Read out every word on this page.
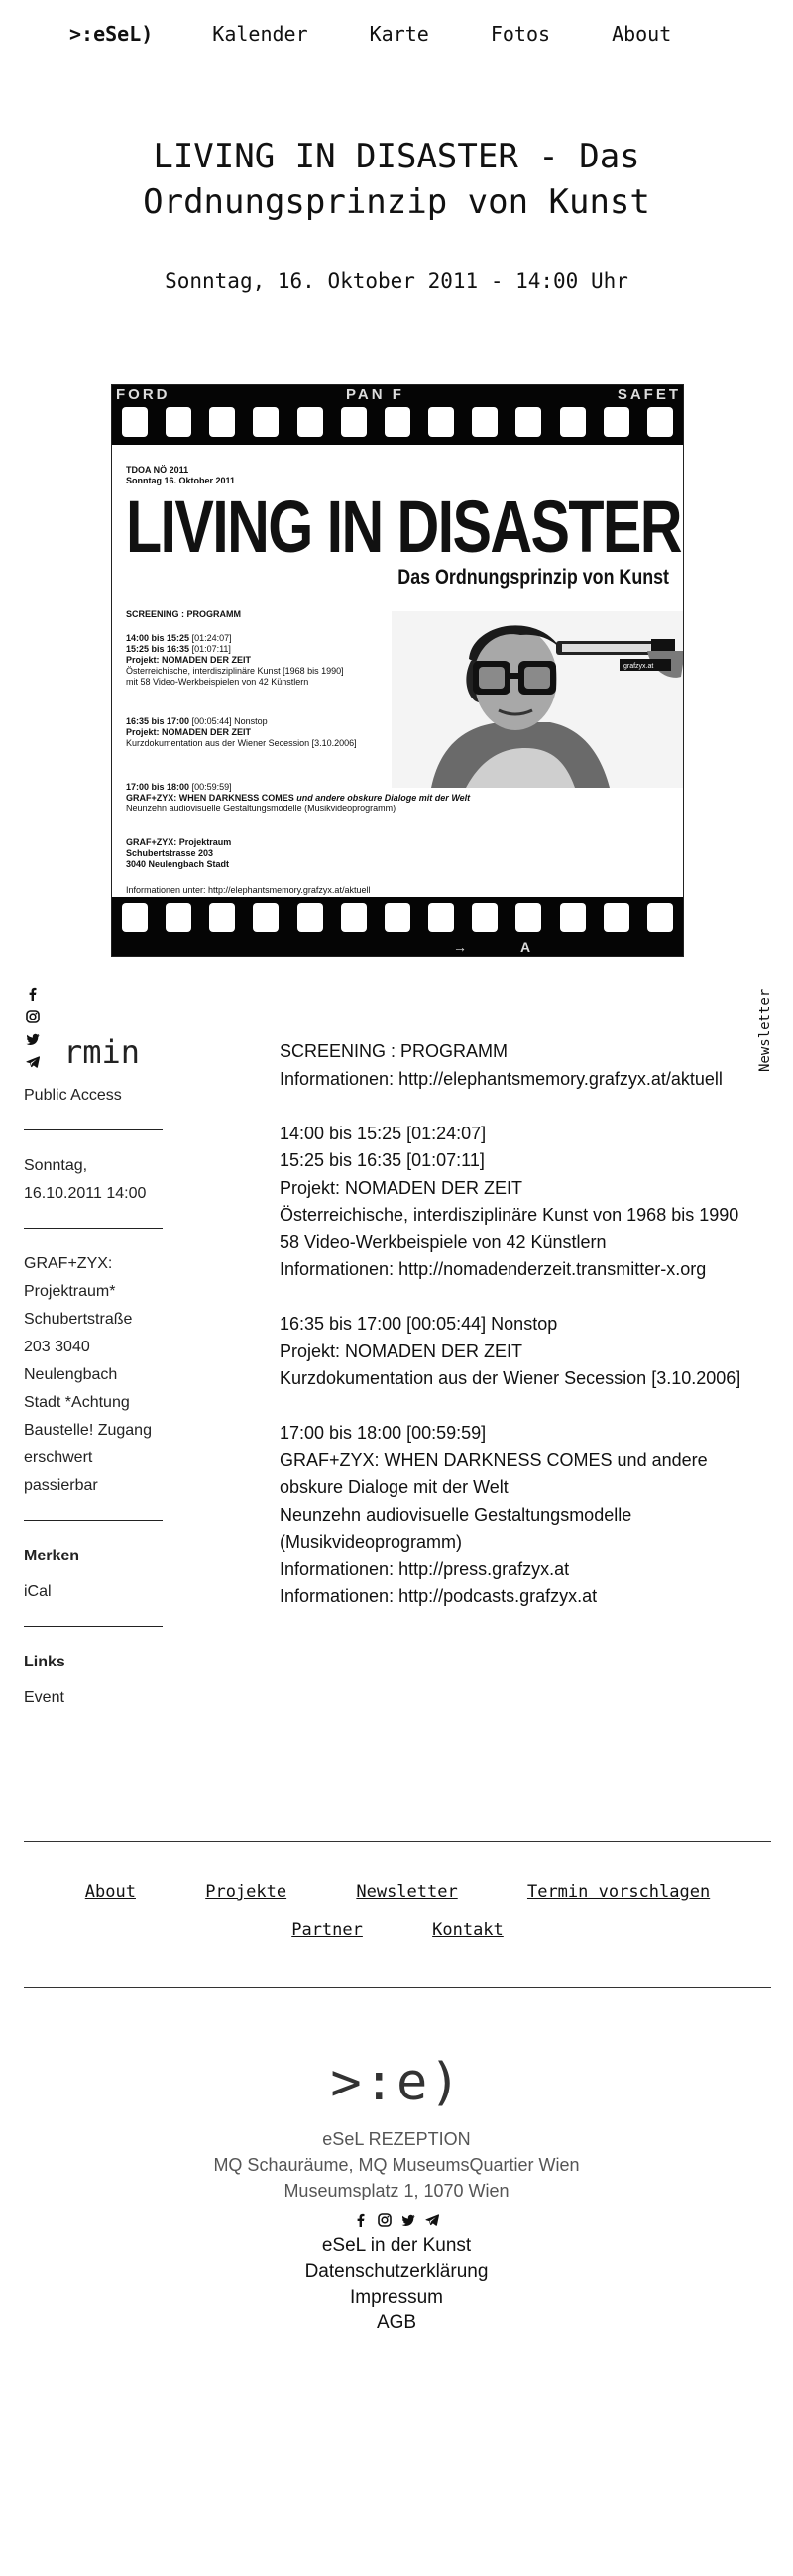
>:eSeL)	Kalender	Karte	Fotos	About
LIVING IN DISASTER - Das
Ordnungsprinzip von Kunst
Sonntag, 16. Oktober 2011 - 14:00 Uhr
FORD	PAN F	SAFET
TDOA NÖ 2011
Sonntag 16. Oktober 2011
LIVING IN DISASTER
Das Ordnungsprinzip von Kunst
SCREENING : PROGRAMM
14:00 bis 15:25 [01:24:07]
15:25 bis 16:35 [01:07:11]
Projekt: NOMADEN DER ZEIT
Österreichische, interdisziplinäre Kunst [1968 bis 1990]
mit 58 Video-Werkbeispielen von 42 Künstlern
16:35 bis 17:00 [00:05:44] Nonstop
Projekt: NOMADEN DER ZEIT
Kurzdokumentation aus der Wiener Secession [3.10.2006]
grafzyx.at
17:00 bis 18:00 [00:59:59]
GRAF+ZYX: WHEN DARKNESS COMES und andere obskure Dialoge mit der Welt
Neunzehn audiovisuelle Gestaltungsmodelle (Musikvideoprogramm)
GRAF+ZYX: Projektraum
Schubertstrasse 203
3040 Neulengbach Stadt
Informationen unter: http://elephantsmemory.grafzyx.at/aktuell
→	A
rmin
Public Access
Sonntag,
16.10.2011 14:00
GRAF+ZYX:
Projektraum*
Schubertstraße
203 3040
Neulengbach
Stadt *Achtung
Baustelle! Zugang
erschwert
passierbar
Merken
iCal
Links
Event
SCREENING : PROGRAMM
Informationen: http://elephantsmemory.grafzyx.at/aktuell
14:00 bis 15:25 [01:24:07]
15:25 bis 16:35 [01:07:11]
Projekt: NOMADEN DER ZEIT
Österreichische, interdisziplinäre Kunst von 1968 bis 1990
58 Video-Werkbeispiele von 42 Künstlern
Informationen: http://nomadenderzeit.transmitter-x.org
16:35 bis 17:00 [00:05:44] Nonstop
Projekt: NOMADEN DER ZEIT
Kurzdokumentation aus der Wiener Secession [3.10.2006]
17:00 bis 18:00 [00:59:59]
GRAF+ZYX: WHEN DARKNESS COMES und andere
obskure Dialoge mit der Welt
Neunzehn audiovisuelle Gestaltungsmodelle
(Musikvideoprogramm)
Informationen: http://press.grafzyx.at
Informationen: http://podcasts.grafzyx.at
Newsletter
About	Projekte	Newsletter	Termin vorschlagen
Partner	Kontakt
>:e)
eSeL REZEPTION
MQ Schauräume, MQ MuseumsQuartier Wien
Museumsplatz 1, 1070 Wien
eSeL in der Kunst
Datenschutzerklärung
Impressum
AGB
